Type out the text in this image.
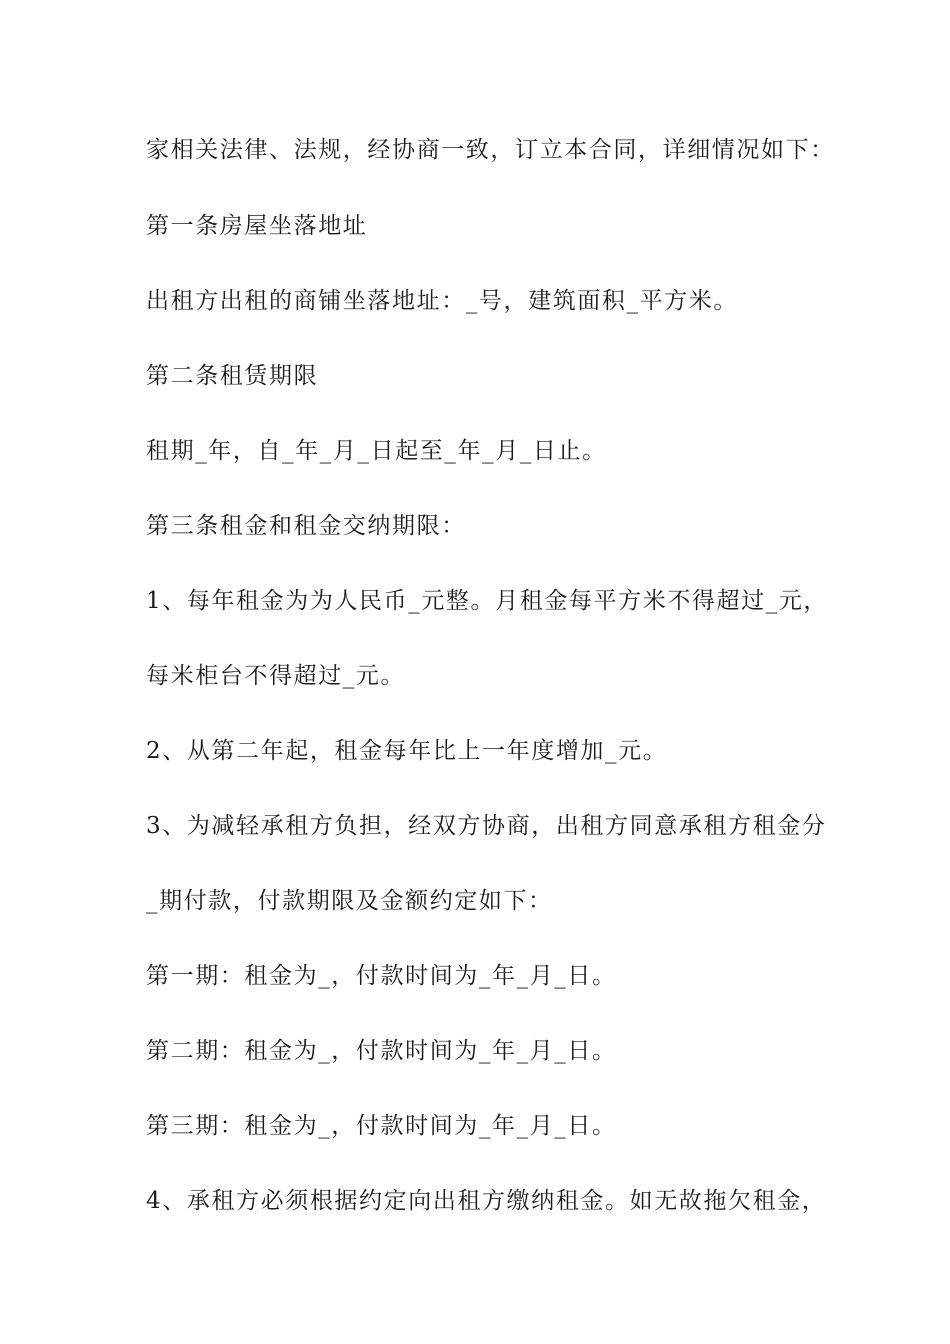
家相关法律、法规，经协商一致，订立本合同，详细情况如下：
第一条房屋坐落地址
出租方出租的商铺坐落地址：_号，建筑面积_平方米。
第二条租赁期限
租期_年，自_年_月_日起至_年_月_日止。
第三条租金和租金交纳期限：
1、每年租金为为人民币_元整。月租金每平方米不得超过_元，
每米柜台不得超过_元。
2、从第二年起，租金每年比上一年度增加_元。
3、为减轻承租方负担，经双方协商，出租方同意承租方租金分
_期付款，付款期限及金额约定如下：
第一期：租金为_，付款时间为_年_月_日。
第二期：租金为_，付款时间为_年_月_日。
第三期：租金为_，付款时间为_年_月_日。
4、承租方必须根据约定向出租方缴纳租金。如无故拖欠租金，
